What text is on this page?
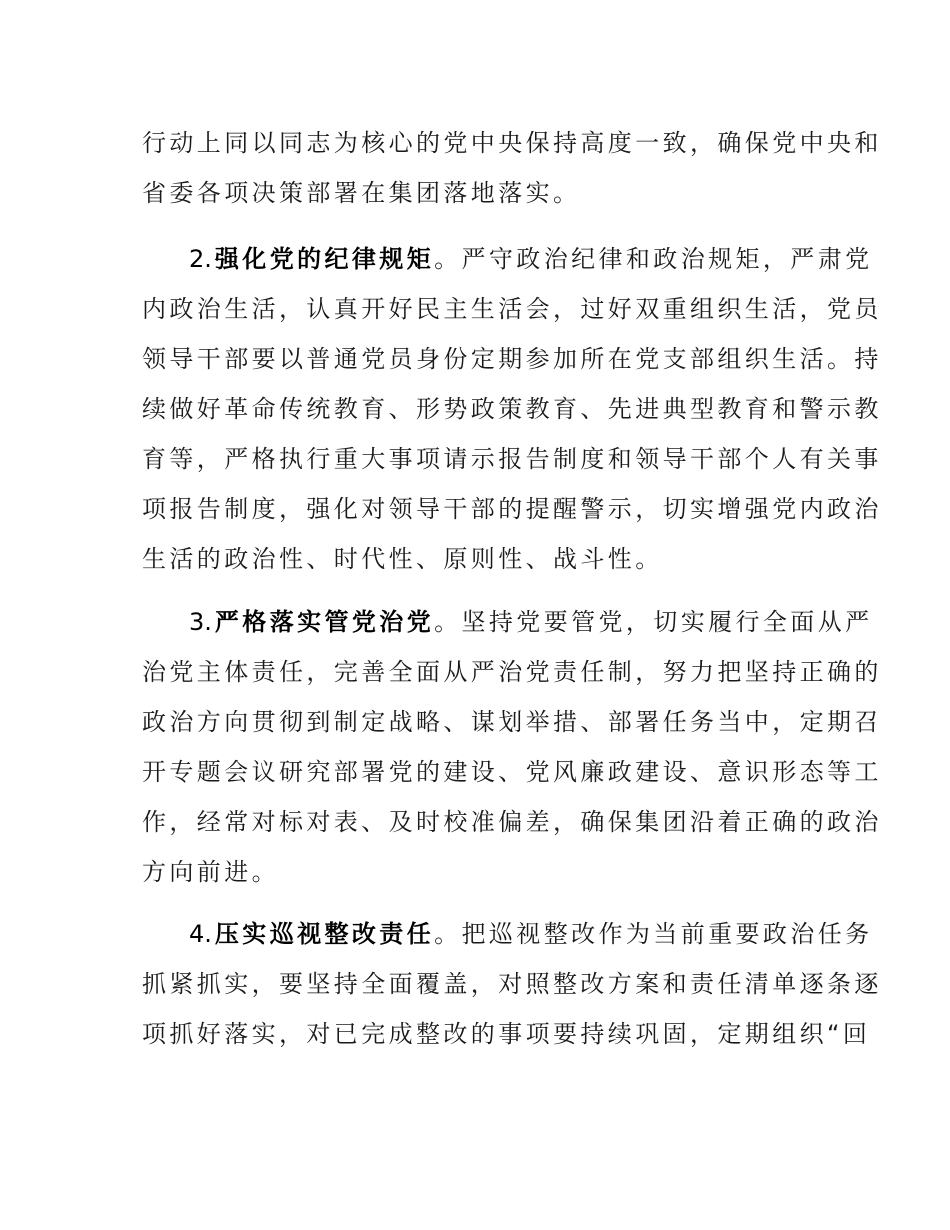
行动上同以同志为核心的党中央保持高度一致，确保党中央和
省委各项决策部署在集团落地落实。
2. 强化党的纪律规矩。严守政治纪律和政治规矩，严肃党
内政治生活，认真开好民主生活会，过好双重组织生活，党员
领导干部要以普通党员身份定期参加所在党支部组织生活。持
续做好革命传统教育、形势政策教育、先进典型教育和警示教
育等，严格执行重大事项请示报告制度和领导干部个人有关事
项报告制度，强化对领导干部的提醒警示，切实增强党内政治
生活的政治性、时代性、原则性、战斗性。
3. 严格落实管党治党。坚持党要管党，切实履行全面从严
治党主体责任，完善全面从严治党责任制，努力把坚持正确的
政治方向贯彻到制定战略、谋划举措、部署任务当中，定期召
开专题会议研究部署党的建设、党风廉政建设、意识形态等工
作，经常对标对表、及时校准偏差，确保集团沿着正确的政治
方向前进。
4. 压实巡视整改责任。把巡视整改作为当前重要政治任务
抓紧抓实，要坚持全面覆盖，对照整改方案和责任清单逐条逐
项抓好落实，对已完成整改的事项要持续巩固，定期组织“回
